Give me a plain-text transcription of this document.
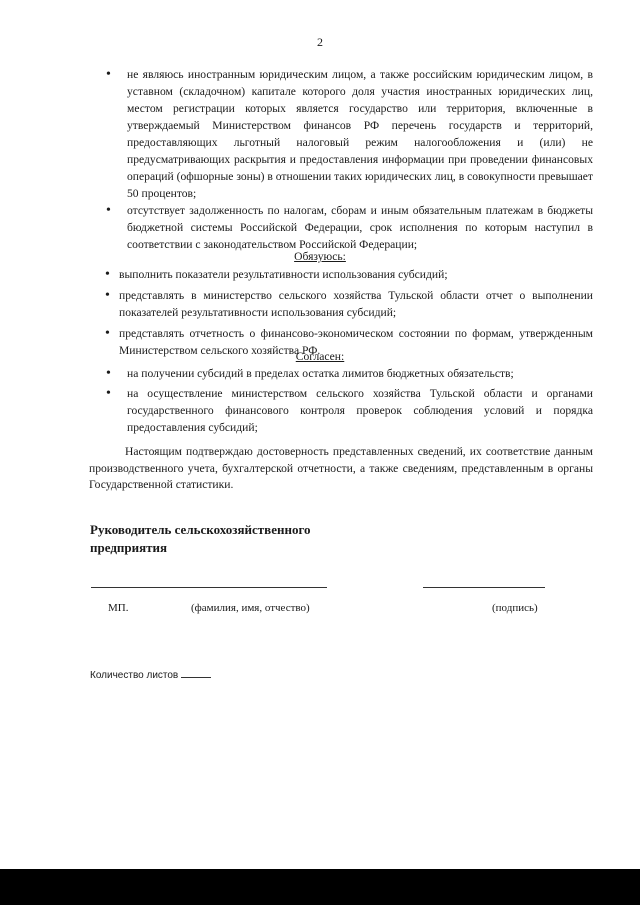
2
• не являюсь иностранным юридическим лицом, а также российским юридическим лицом, в уставном (складочном) капитале которого доля участия иностранных юридических лиц, местом регистрации которых является государство или территория, включенные в утверждаемый Министерством финансов РФ перечень государств и территорий, предоставляющих льготный налоговый режим налогообложения и (или) не предусматривающих раскрытия и предоставления информации при проведении финансовых операций (офшорные зоны) в отношении таких юридических лиц, в совокупности превышает 50 процентов;
• отсутствует задолженность по налогам, сборам и иным обязательным платежам в бюджеты бюджетной системы Российской Федерации, срок исполнения по которым наступил в соответствии с законодательством Российской Федерации;
Обязуюсь:
• выполнить показатели результативности использования субсидий;
• представлять в министерство сельского хозяйства Тульской области отчет о выполнении показателей результативности использования субсидий;
• представлять отчетность о финансово-экономическом состоянии по формам, утвержденным Министерством сельского хозяйства РФ.
Согласен:
• на получении субсидий в пределах остатка лимитов бюджетных обязательств;
• на осуществление министерством сельского хозяйства Тульской области и органами государственного финансового контроля проверок соблюдения условий и порядка предоставления субсидий;
Настоящим подтверждаю достоверность представленных сведений, их соответствие данным производственного учета, бухгалтерской отчетности, а также сведениям, представленным в органы Государственной статистики.
Руководитель сельскохозяйственного
предприятия
МП.	(фамилия, имя, отчество)	(подпись)
Количество листов
